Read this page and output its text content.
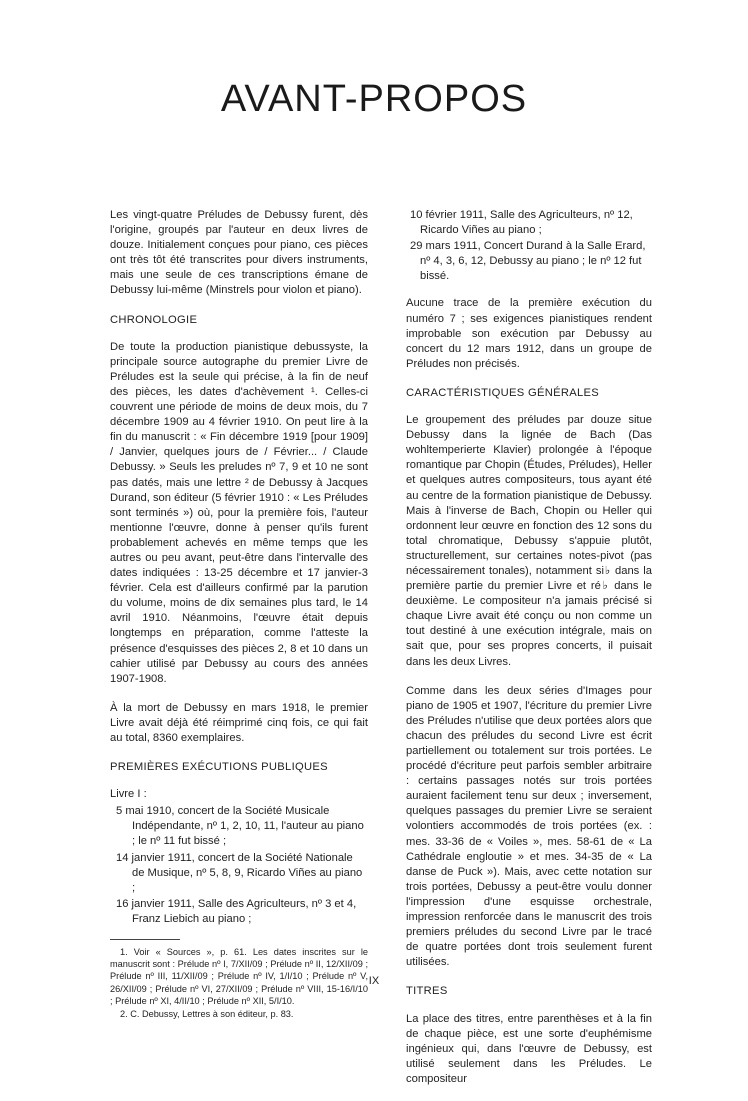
AVANT-PROPOS

Les vingt-quatre Préludes de Debussy furent, dès l'origine, groupés par l'auteur en deux livres de douze. Initialement conçues pour piano, ces pièces ont très tôt été transcrites pour divers instruments, mais une seule de ces transcriptions émane de Debussy lui-même (Minstrels pour violon et piano).

CHRONOLOGIE

De toute la production pianistique debussyste, la principale source autographe du premier Livre de Préludes est la seule qui précise, à la fin de neuf des pièces, les dates d'achèvement ¹. Celles-ci couvrent une période de moins de deux mois, du 7 décembre 1909 au 4 février 1910. On peut lire à la fin du manuscrit : « Fin décembre 1919 [pour 1909] / Janvier, quelques jours de / Février... / Claude Debussy. » Seuls les preludes nº 7, 9 et 10 ne sont pas datés, mais une lettre ² de Debussy à Jacques Durand, son éditeur (5 février 1910 : « Les Préludes sont terminés ») où, pour la première fois, l'auteur mentionne l'œuvre, donne à penser qu'ils furent probablement achevés en même temps que les autres ou peu avant, peut-être dans l'intervalle des dates indiquées : 13-25 décembre et 17 janvier-3 février. Cela est d'ailleurs confirmé par la parution du volume, moins de dix semaines plus tard, le 14 avril 1910. Néanmoins, l'œuvre était depuis longtemps en préparation, comme l'atteste la présence d'esquisses des pièces 2, 8 et 10 dans un cahier utilisé par Debussy au cours des années 1907-1908.

À la mort de Debussy en mars 1918, le premier Livre avait déjà été réimprimé cinq fois, ce qui fait au total, 8360 exemplaires.

PREMIÈRES EXÉCUTIONS PUBLIQUES
Livre I :
5 mai 1910, concert de la Société Musicale Indépendante, nº 1, 2, 10, 11, l'auteur au piano ; le nº 11 fut bissé ;
14 janvier 1911, concert de la Société Nationale de Musique, nº 5, 8, 9, Ricardo Viñes au piano ;
16 janvier 1911, Salle des Agriculteurs, nº 3 et 4, Franz Liebich au piano ;

1. Voir « Sources », p. 61. Les dates inscrites sur le manuscrit sont : Prélude nº I, 7/XII/09 ; Prélude nº II, 12/XII/09 ; Prélude nº III, 11/XII/09 ; Prélude nº IV, 1/I/10 ; Prélude nº V, 26/XII/09 ; Prélude nº VI, 27/XII/09 ; Prélude nº VIII, 15-16/I/10 ; Prélude nº XI, 4/II/10 ; Prélude nº XII, 5/I/10.

2. C. Debussy, Lettres à son éditeur, p. 83.

10 février 1911, Salle des Agriculteurs, nº 12, Ricardo Viñes au piano ;
29 mars 1911, Concert Durand à la Salle Erard, nº 4, 3, 6, 12, Debussy au piano ; le nº 12 fut bissé.

Aucune trace de la première exécution du numéro 7 ; ses exigences pianistiques rendent improbable son exécution par Debussy au concert du 12 mars 1912, dans un groupe de Préludes non précisés.

CARACTÉRISTIQUES GÉNÉRALES

Le groupement des préludes par douze situe Debussy dans la lignée de Bach (Das wohltemperierte Klavier) prolongée à l'époque romantique par Chopin (Études, Préludes), Heller et quelques autres compositeurs, tous ayant été au centre de la formation pianistique de Debussy. Mais à l'inverse de Bach, Chopin ou Heller qui ordonnent leur œuvre en fonction des 12 sons du total chromatique, Debussy s'appuie plutôt, structurellement, sur certaines notes-pivot (pas nécessairement tonales), notamment si♭ dans la première partie du premier Livre et ré♭ dans le deuxième. Le compositeur n'a jamais précisé si chaque Livre avait été conçu ou non comme un tout destiné à une exécution intégrale, mais on sait que, pour ses propres concerts, il puisait dans les deux Livres.

Comme dans les deux séries d'Images pour piano de 1905 et 1907, l'écriture du premier Livre des Préludes n'utilise que deux portées alors que chacun des préludes du second Livre est écrit partiellement ou totalement sur trois portées. Le procédé d'écriture peut parfois sembler arbitraire : certains passages notés sur trois portées auraient facilement tenu sur deux ; inversement, quelques passages du premier Livre se seraient volontiers accommodés de trois portées (ex. : mes. 33-36 de « Voiles », mes. 58-61 de « La Cathédrale engloutie » et mes. 34-35 de « La danse de Puck »). Mais, avec cette notation sur trois portées, Debussy a peut-être voulu donner l'impression d'une esquisse orchestrale, impression renforcée dans le manuscrit des trois premiers préludes du second Livre par le tracé de quatre portées dont trois seulement furent utilisées.

TITRES

La place des titres, entre parenthèses et à la fin de chaque pièce, est une sorte d'euphémisme ingénieux qui, dans l'œuvre de Debussy, est utilisé seulement dans les Préludes. Le compositeur

IX
